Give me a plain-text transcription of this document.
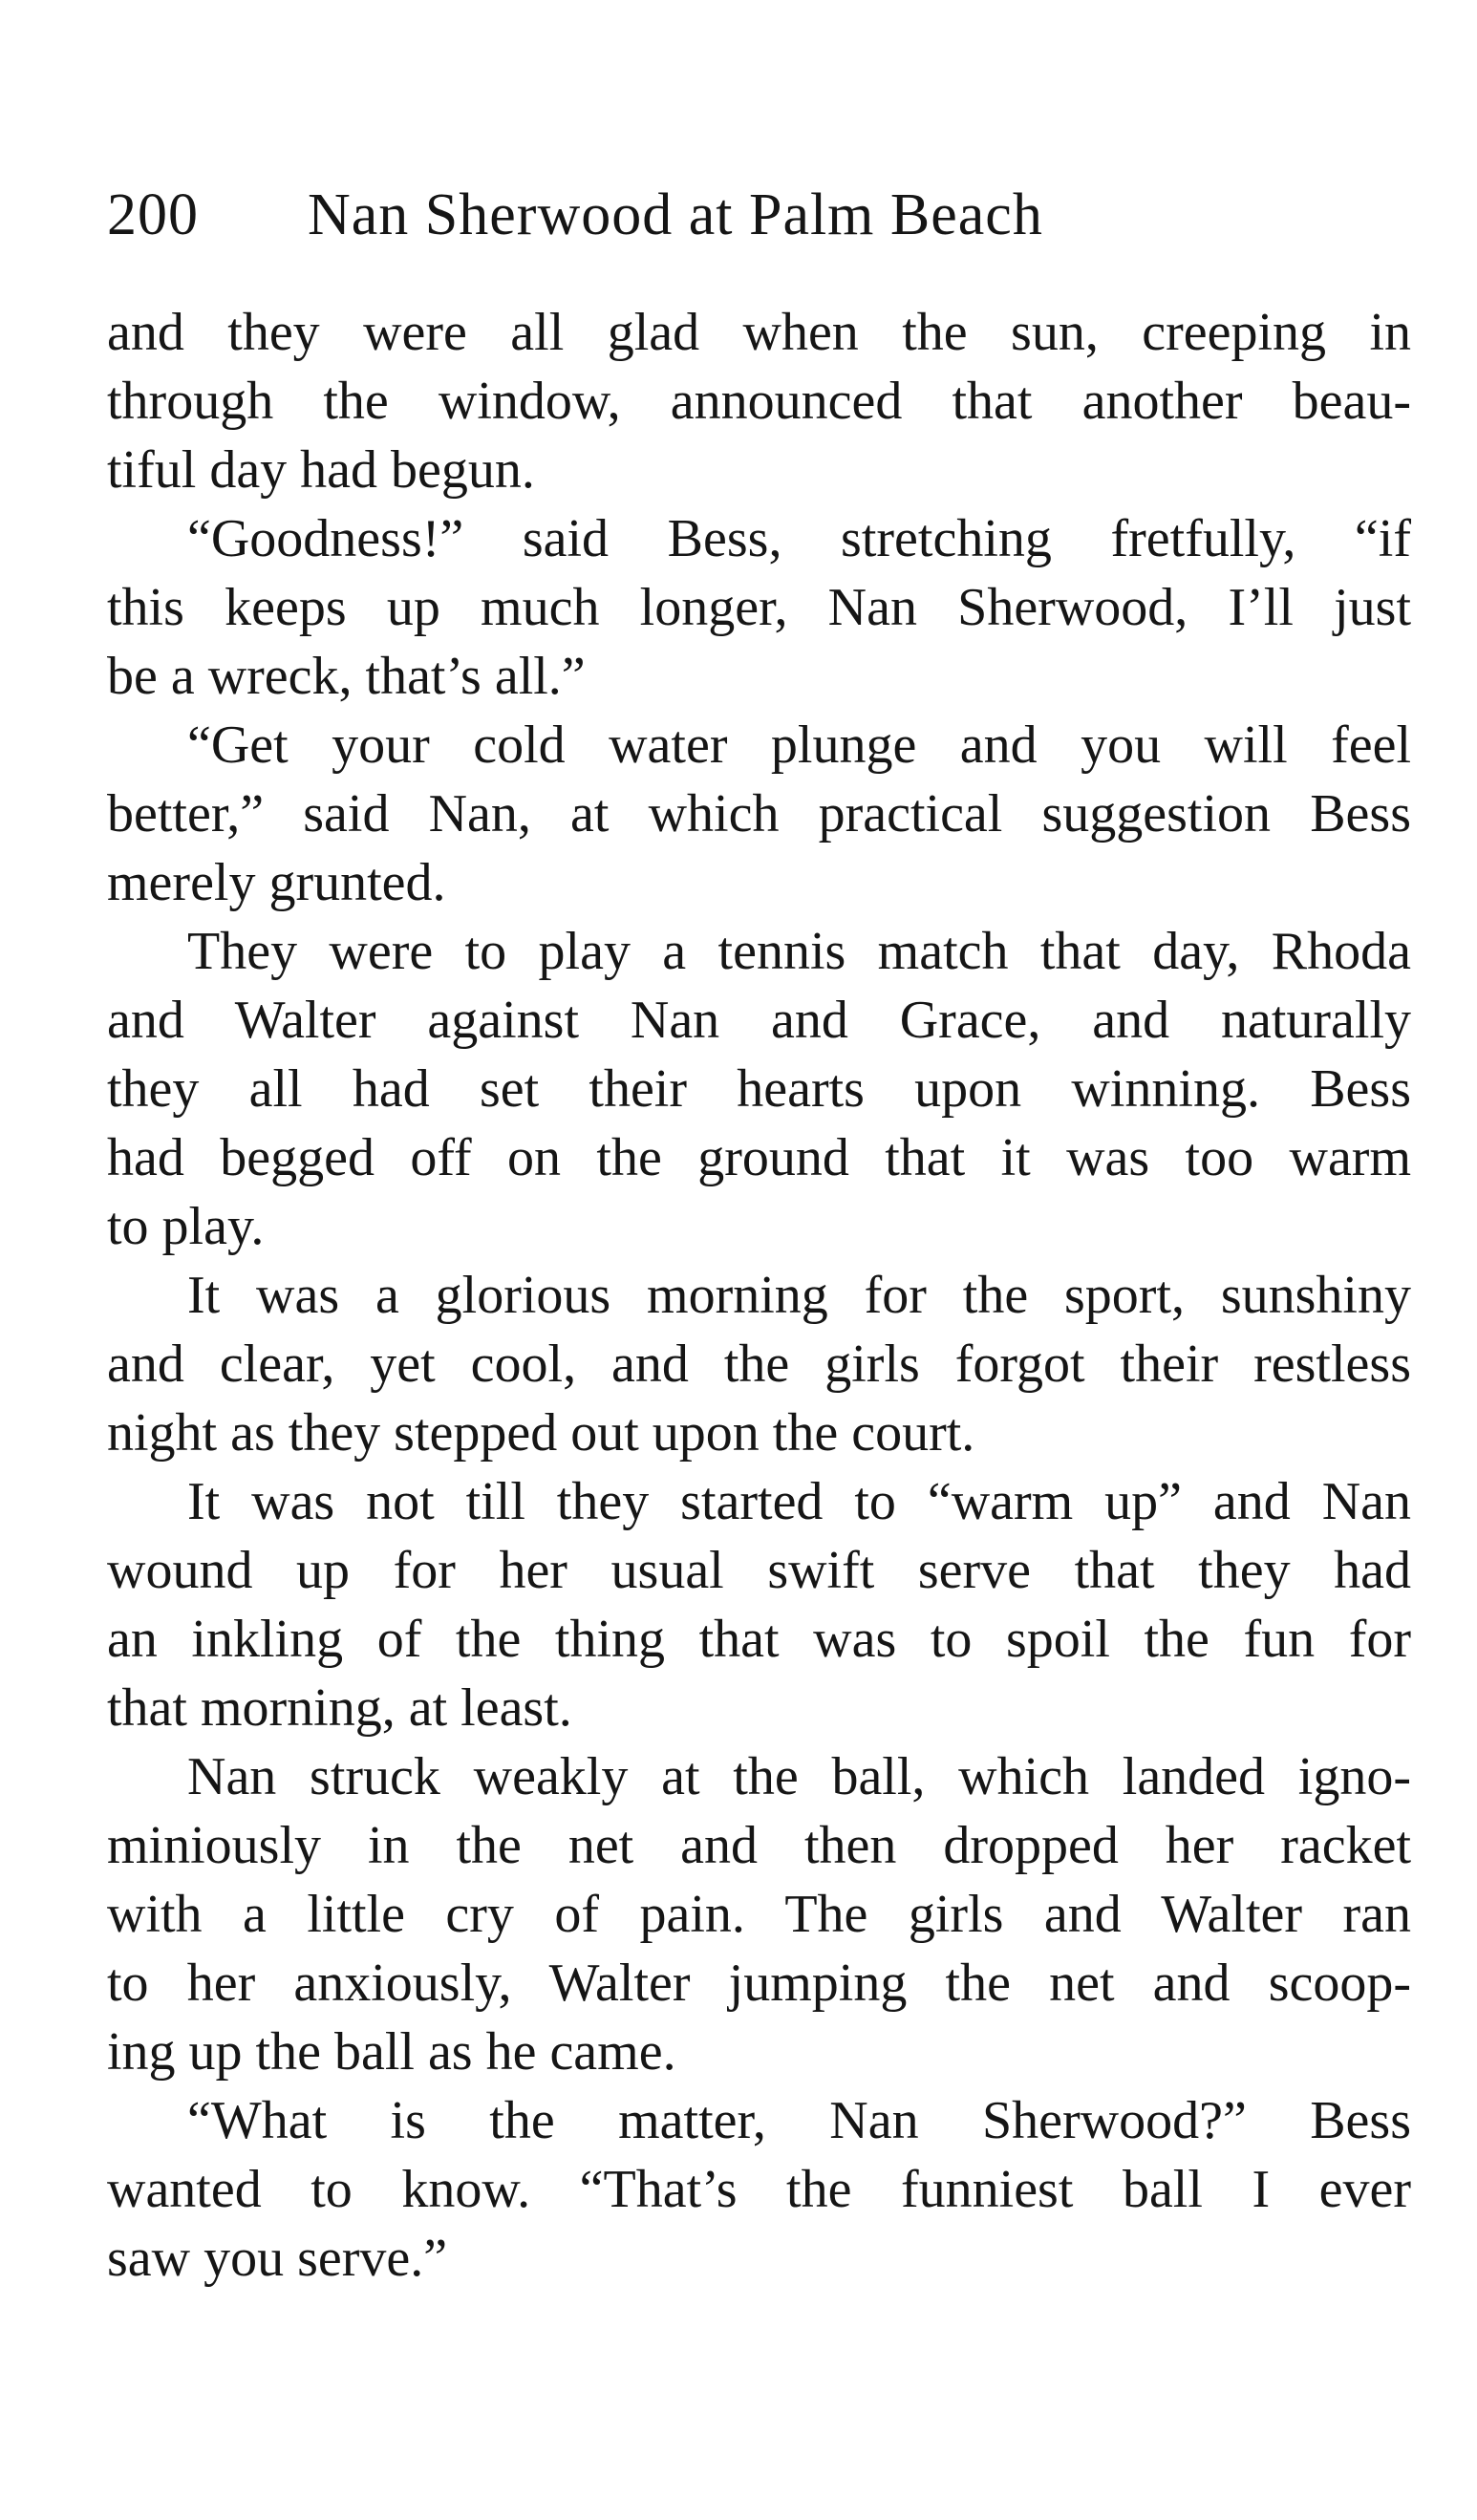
200 Nan Sherwood at Palm Beach
and they were all glad when the sun, creeping in
through the window, announced that another beau-
tiful day had begun.
“Goodness!” said Bess, stretching fretfully, “if
this keeps up much longer, Nan Sherwood, I’ll just
be a wreck, that’s all.”
“Get your cold water plunge and you will feel
better,” said Nan, at which practical suggestion Bess
merely grunted.
They were to play a tennis match that day, Rhoda
and Walter against Nan and Grace, and naturally
they all had set their hearts upon winning. Bess
had begged off on the ground that it was too warm
to play.
It was a glorious morning for the sport, sunshiny
and clear, yet cool, and the girls forgot their restless
night as they stepped out upon the court.
It was not till they started to “warm up” and Nan
wound up for her usual swift serve that they had
an inkling of the thing that was to spoil the fun for
that morning, at least.
Nan struck weakly at the ball, which landed igno-
miniously in the net and then dropped her racket
with a little cry of pain. The girls and Walter ran
to her anxiously, Walter jumping the net and scoop-
ing up the ball as he came.
“What is the matter, Nan Sherwood?” Bess
wanted to know. “That’s the funniest ball I ever
saw you serve.”
